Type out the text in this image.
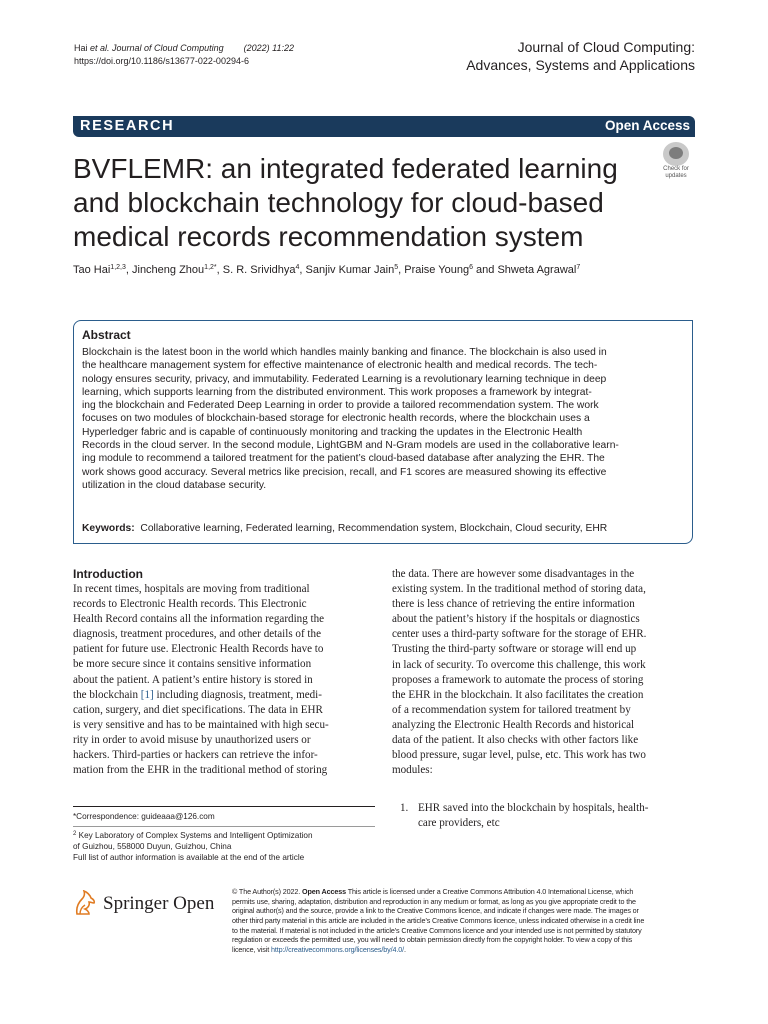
Hai et al. Journal of Cloud Computing (2022) 11:22
https://doi.org/10.1186/s13677-022-00294-6
Journal of Cloud Computing:
Advances, Systems and Applications
RESEARCH	Open Access
BVFLEMR: an integrated federated learning
and blockchain technology for cloud-based
medical records recommendation system
Check for
updates
Tao Hai$^{1,2,3}$, Jincheng Zhou$^{1,2*}$, S. R. Srividhya$^4$, Sanjiv Kumar Jain$^5$, Praise Young$^6$ and Shweta Agrawal$^7$
Abstract
Blockchain is the latest boon in the world which handles mainly banking and finance. The blockchain is also used in
the healthcare management system for effective maintenance of electronic health and medical records. The tech-
nology ensures security, privacy, and immutability. Federated Learning is a revolutionary learning technique in deep
learning, which supports learning from the distributed environment. This work proposes a framework by integrat-
ing the blockchain and Federated Deep Learning in order to provide a tailored recommendation system. The work
focuses on two modules of blockchain-based storage for electronic health records, where the blockchain uses a
Hyperledger fabric and is capable of continuously monitoring and tracking the updates in the Electronic Health
Records in the cloud server. In the second module, LightGBM and N-Gram models are used in the collaborative learn-
ing module to recommend a tailored treatment for the patient’s cloud-based database after analyzing the EHR. The
work shows good accuracy. Several metrics like precision, recall, and F1 scores are measured showing its effective
utilization in the cloud database security.
Keywords: Collaborative learning, Federated learning, Recommendation system, Blockchain, Cloud security, EHR
Introduction
In recent times, hospitals are moving from traditional
records to Electronic Health records. This Electronic
Health Record contains all the information regarding the
diagnosis, treatment procedures, and other details of the
patient for future use. Electronic Health Records have to
be more secure since it contains sensitive information
about the patient. A patient’s entire history is stored in
the blockchain [1] including diagnosis, treatment, medi-
cation, surgery, and diet specifications. The data in EHR
is very sensitive and has to be maintained with high secu-
rity in order to avoid misuse by unauthorized users or
hackers. Third-parties or hackers can retrieve the infor-
mation from the EHR in the traditional method of storing
the data. There are however some disadvantages in the
existing system. In the traditional method of storing data,
there is less chance of retrieving the entire information
about the patient’s history if the hospitals or diagnostics
center uses a third-party software for the storage of EHR.
Trusting the third-party software or storage will end up
in lack of security. To overcome this challenge, this work
proposes a framework to automate the process of storing
the EHR in the blockchain. It also facilitates the creation
of a recommendation system for tailored treatment by
analyzing the Electronic Health Records and historical
data of the patient. It also checks with other factors like
blood pressure, sugar level, pulse, etc. This work has two
modules:
1. EHR saved into the blockchain by hospitals, health-
care providers, etc
*Correspondence: guideaaa@126.com
$^2$ Key Laboratory of Complex Systems and Intelligent Optimization
of Guizhou, 558000 Duyun, Guizhou, China
Full list of author information is available at the end of the article
Springer Open
© The Author(s) 2022. Open Access This article is licensed under a Creative Commons Attribution 4.0 International License, which
permits use, sharing, adaptation, distribution and reproduction in any medium or format, as long as you give appropriate credit to the
original author(s) and the source, provide a link to the Creative Commons licence, and indicate if changes were made. The images or
other third party material in this article are included in the article’s Creative Commons licence, unless indicated otherwise in a credit line
to the material. If material is not included in the article’s Creative Commons licence and your intended use is not permitted by statutory
regulation or exceeds the permitted use, you will need to obtain permission directly from the copyright holder. To view a copy of this
licence, visit http://creativecommons.org/licenses/by/4.0/.
